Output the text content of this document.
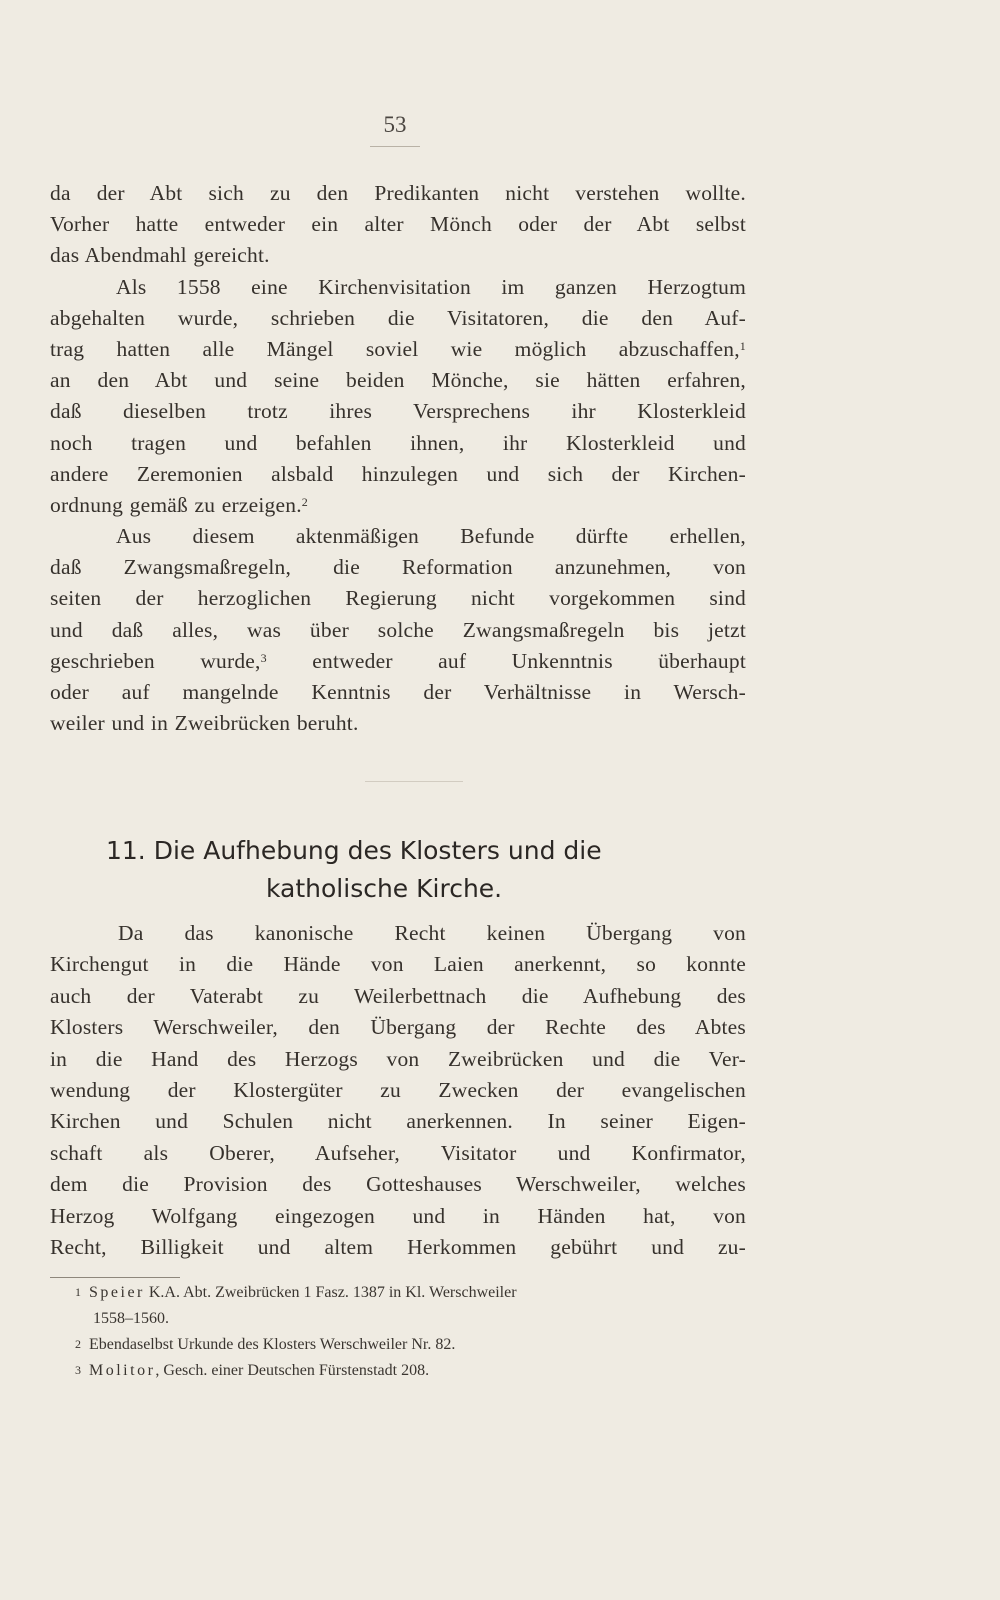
53
da der Abt sich zu den Predikanten nicht verstehen wollte.
Vorher hatte entweder ein alter Mönch oder der Abt selbst
das Abendmahl gereicht.
Als 1558 eine Kirchenvisitation im ganzen Herzogtum
abgehalten wurde, schrieben die Visitatoren, die den Auf-
trag hatten alle Mängel soviel wie möglich abzuschaffen,$^1$
an den Abt und seine beiden Mönche, sie hätten erfahren,
daß dieselben trotz ihres Versprechens ihr Klosterkleid
noch tragen und befahlen ihnen, ihr Klosterkleid und
andere Zeremonien alsbald hinzulegen und sich der Kirchen-
ordnung gemäß zu erzeigen.$^2$
Aus diesem aktenmäßigen Befunde dürfte erhellen,
daß Zwangsmaßregeln, die Reformation anzunehmen, von
seiten der herzoglichen Regierung nicht vorgekommen sind
und daß alles, was über solche Zwangsmaßregeln bis jetzt
geschrieben wurde,$^3$ entweder auf Unkenntnis überhaupt
oder auf mangelnde Kenntnis der Verhältnisse in Wersch-
weiler und in Zweibrücken beruht.
11. Die Aufhebung des Klosters und die
katholische Kirche.
Da das kanonische Recht keinen Übergang von
Kirchengut in die Hände von Laien anerkennt, so konnte
auch der Vaterabt zu Weilerbettnach die Aufhebung des
Klosters Werschweiler, den Übergang der Rechte des Abtes
in die Hand des Herzogs von Zweibrücken und die Ver-
wendung der Klostergüter zu Zwecken der evangelischen
Kirchen und Schulen nicht anerkennen. In seiner Eigen-
schaft als Oberer, Aufseher, Visitator und Konfirmator,
dem die Provision des Gotteshauses Werschweiler, welches
Herzog Wolfgang eingezogen und in Händen hat, von
Recht, Billigkeit und altem Herkommen gebührt und zu-
1 Speier K.A. Abt. Zweibrücken 1 Fasz. 1387 in Kl. Werschweiler
1558–1560.
2 Ebendaselbst Urkunde des Klosters Werschweiler Nr. 82.
3 Molitor, Gesch. einer Deutschen Fürstenstadt 208.
